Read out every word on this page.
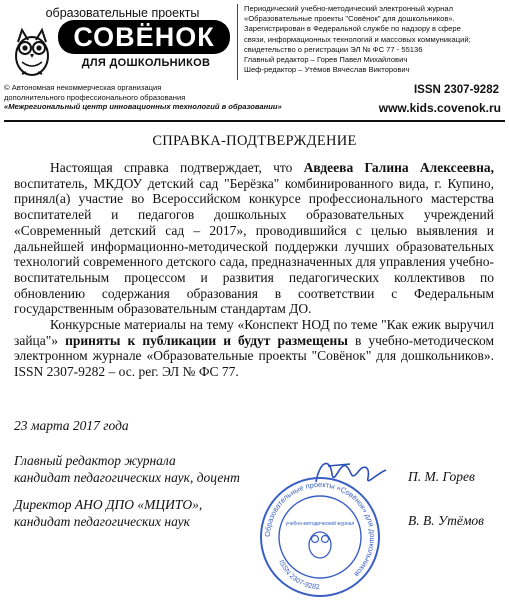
образовательные проекты
СОВЁНОК
ДЛЯ ДОШКОЛЬНИКОВ
Периодический учебно-методический электронный журнал
«Образовательные проекты "Совёнок" для дошкольников».
Зарегистрирован в Федеральной службе по надзору в сфере
связи, информационных технологий и массовых коммуникаций;
свидетельство о регистрации ЭЛ № ФС 77 - 55136
Главный редактор – Горев Павел Михайлович
Шеф-редактор – Утёмов Вячеслав Викторович
© Автономная некоммерческая организация
дополнительного профессионального образования
«Межрегиональный центр инновационных технологий в образовании»
ISSN 2307-9282
www.kids.covenok.ru
СПРАВКА-ПОДТВЕРЖДЕНИЕ

Настоящая справка подтверждает, что Авдеева Галина Алексеевна, воспитатель, МКДОУ детский сад "Берёзка" комбинированного вида, г. Купино, принял(а) участие во Всероссийском конкурсе профессионального мастерства воспитателей и педагогов дошкольных образовательных учреждений «Современный детский сад – 2017», проводившийся с целью выявления и дальнейшей информационно-методической поддержки лучших образовательных технологий современного детского сада, предназначенных для управления учебно-воспитательным процессом и развития педагогических коллективов по обновлению содержания образования в соответствии с Федеральным государственным образовательным стандартам ДО.

Конкурсные материалы на тему «Конспект НОД по теме "Как ежик выручил зайца"» приняты к публикации и будут размещены в учебно-методическом электронном журнале «Образовательные проекты "Совёнок" для дошкольников». ISSN 2307-9282 – ос. рег. ЭЛ № ФС 77.

23 марта 2017 года
Главный редактор журнала
кандидат педагогических наук, доцент	П. М. Горев
Директор АНО ДПО «МЦИТО»,
кандидат педагогических наук	В. В. Утёмов
Образовательные проекты «Совёнок» для дошкольников
учебно-методический журнал
ISSN 2307-9282
